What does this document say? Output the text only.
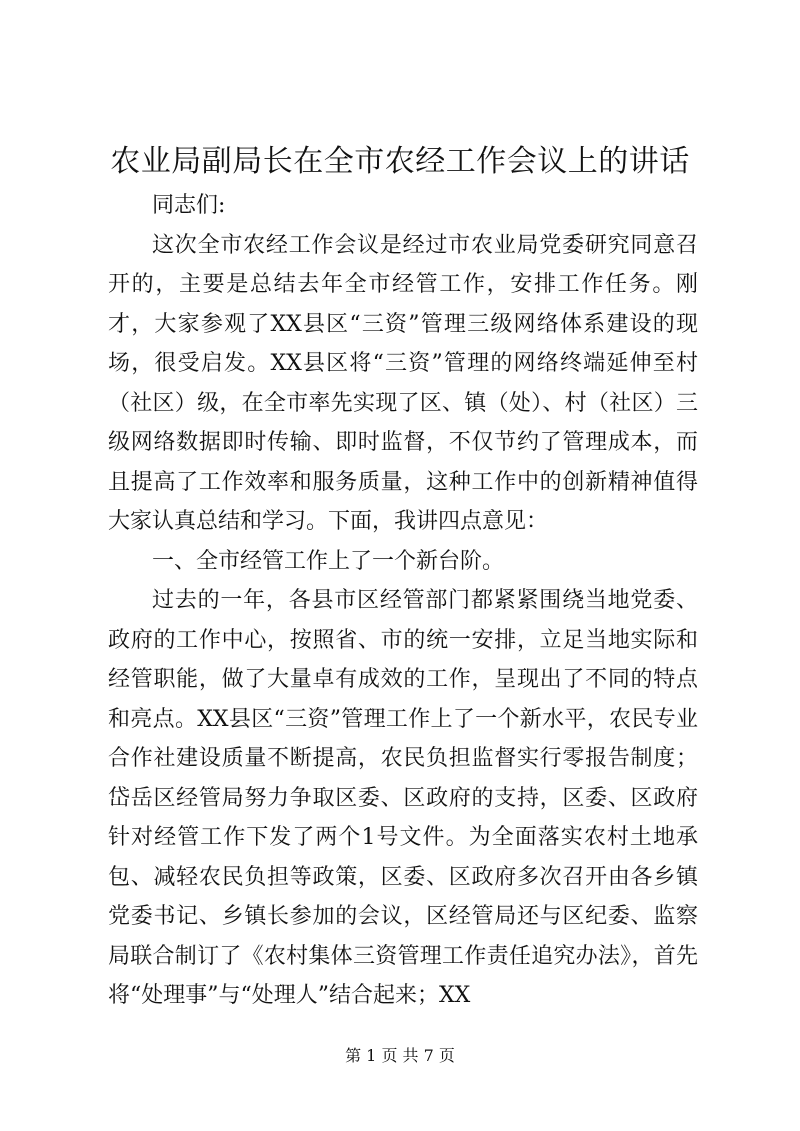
农业局副局长在全市农经工作会议上的讲话

同志们:

这次全市农经工作会议是经过市农业局党委研究同意召开的，主要是总结去年全市经管工作，安排工作任务。刚才，大家参观了XX县区“三资”管理三级网络体系建设的现场，很受启发。XX县区将“三资”管理的网络终端延伸至村（社区）级，在全市率先实现了区、镇（处）、村（社区）三级网络数据即时传输、即时监督，不仅节约了管理成本，而且提高了工作效率和服务质量，这种工作中的创新精神值得大家认真总结和学习。下面，我讲四点意见：

一、全市经管工作上了一个新台阶。

过去的一年，各县市区经管部门都紧紧围绕当地党委、政府的工作中心，按照省、市的统一安排，立足当地实际和经管职能，做了大量卓有成效的工作，呈现出了不同的特点和亮点。XX县区“三资”管理工作上了一个新水平，农民专业合作社建设质量不断提高，农民负担监督实行零报告制度；岱岳区经管局努力争取区委、区政府的支持，区委、区政府针对经管工作下发了两个1号文件。为全面落实农村土地承包、减轻农民负担等政策，区委、区政府多次召开由各乡镇党委书记、乡镇长参加的会议，区经管局还与区纪委、监察局联合制订了《农村集体三资管理工作责任追究办法》，首先将“处理事”与“处理人”结合起来；XX

第 1 页 共 7 页
